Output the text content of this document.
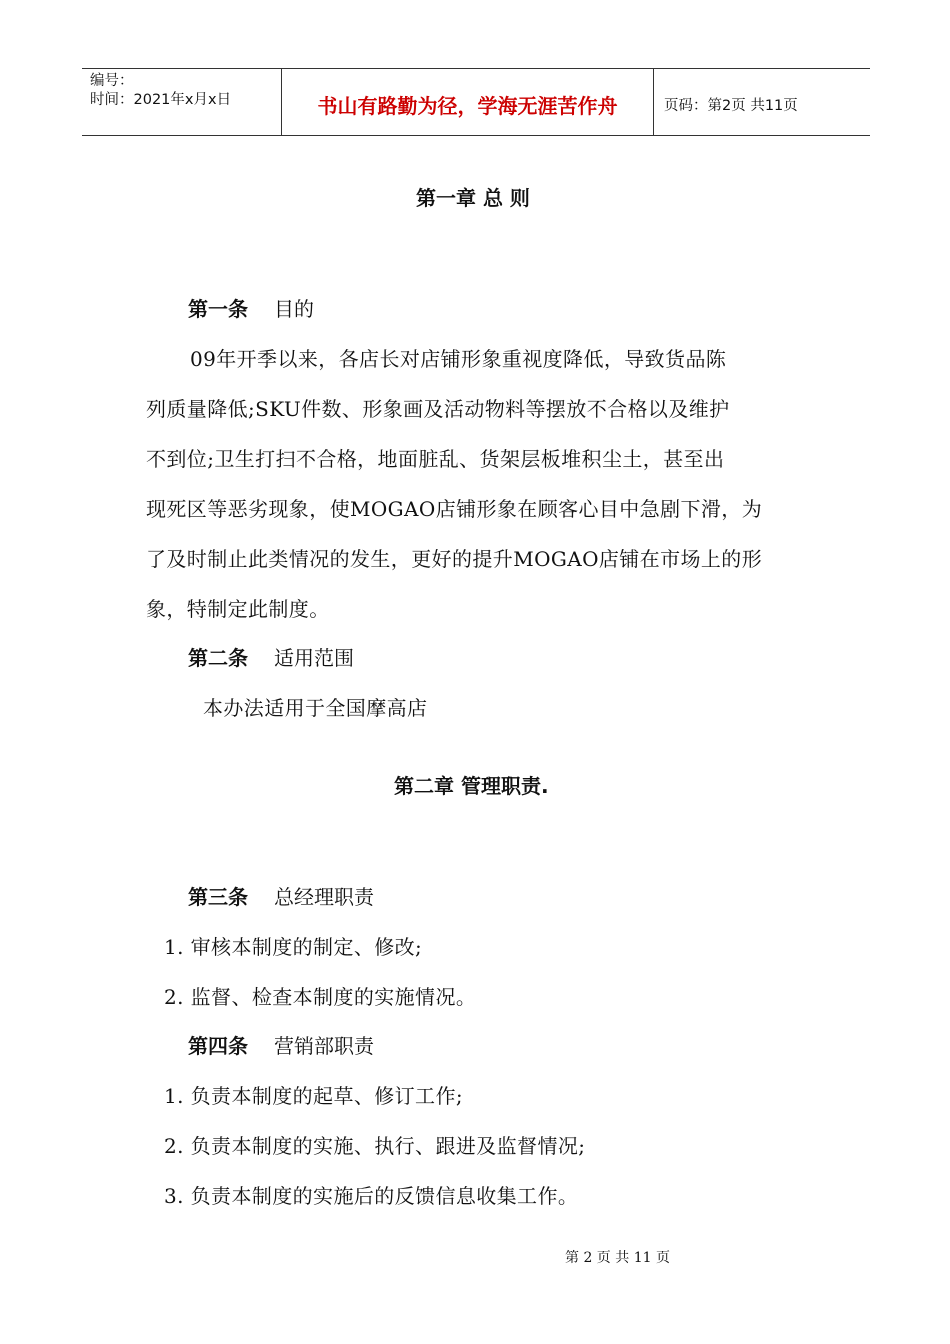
编号：
时间：2021年x月x日	书山有路勤为径，学海无涯苦作舟	页码：第2页 共11页
第一章 总 则
第一条 目的
09年开季以来，各店长对店铺形象重视度降低，导致货品陈
列质量降低;SKU件数、形象画及活动物料等摆放不合格以及维护
不到位;卫生打扫不合格，地面脏乱、货架层板堆积尘土，甚至出
现死区等恶劣现象，使MOGAO店铺形象在顾客心目中急剧下滑，为
了及时制止此类情况的发生，更好的提升MOGAO店铺在市场上的形
象，特制定此制度。
第二条 适用范围
本办法适用于全国摩高店
第二章 管理职责.
第三条 总经理职责
1. 审核本制度的制定、修改;
2. 监督、检查本制度的实施情况。
第四条 营销部职责
1. 负责本制度的起草、修订工作;
2. 负责本制度的实施、执行、跟进及监督情况;
3. 负责本制度的实施后的反馈信息收集工作。
第 2 页 共 11 页
